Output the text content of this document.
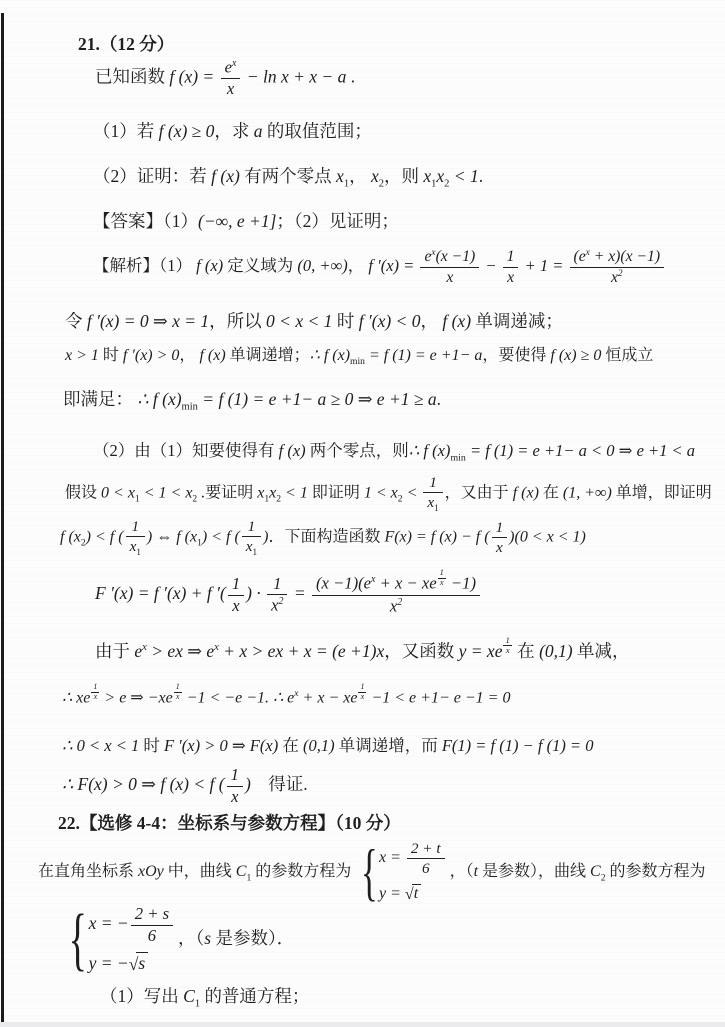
21.（12 分）
已知函数 f $(x) = \frac{e^x}{x} - \ln x + x - a$ .
（1）若 f (x) ≥ 0，求 a 的取值范围；
（2）证明：若 f (x) 有两个零点 $x_1$， $x_2$，则 $x_1x_2 < 1$.
【答案】（1）(−∞, e +1]；（2）见证明；
【解析】（1） f (x) 定义域为 (0, +∞)， f $'(x) = \frac{e^x(x -1)}{x} - \frac{1}{x} + 1 = \frac{(e^x + x)(x -1)}{x^2}$
令 f ′(x) = 0 ⇒ x = 1，所以 0 < x < 1 时 f ′(x) < 0， f (x) 单调递减；
x > 1 时 f ′(x) > 0， f (x) 单调递增；∴ f $(x)_{min} = f$ (1) = e +1− a，要使得 f (x) ≥ 0 恒成立
即满足： ∴ f $(x)_{min} = f$ (1) = e +1− a ≥ 0 ⇒ e +1 ≥ a.
（2）由（1）知要使得有 f (x) 两个零点，则∴ f $(x)_{min} = f$ (1) = e +1− a < 0 ⇒ e +1 < a
假设 $0 < x_1 < 1 < x_2$ .要证明 $x_1x_2 < 1$ 即证明 $1 < x_2 < \frac{1}{x_1}$ ，又由于 f (x) 在 (1, +∞) 单增，即证明
f $(x_2) < f$ ( $\frac{1}{x_1}$ ) ⇔ f $(x_1) < f$ ( $\frac{1}{x_1}$ )．下面构造函数 F(x) = f (x) − f ( $\frac{1}{x} )(0 < x < 1)$
F ′(x) = f ′(x) + f ′( $\frac{1}{x}$ ) · $\frac{1}{x^2} = \frac{(x -1)(e^x + x - xe \frac{1}{x} -1)}{x^2}$
由于 $e^x$ > ex ⇒ $e^x + x$ > ex + x = (e +1)x，又函数 y = xe $\frac{1}{x}$ 在 (0,1) 单减，
∴ xe $\frac{1}{x} > e$ ⇒ $-xe \frac{1}{x} -1 < -e -1$. ∴ $e^x + x$ − xe $\frac{1}{x} -1 < e +1- e -1 = 0$
∴ 0 < x < 1 时 F ′(x) > 0 ⇒ F(x) 在 (0,1) 单调递增，而 F(1) = f (1) − f (1) = 0
∴ F(x) > 0 ⇒ f (x) < f ( $\frac{1}{x}$ )　得证.
22.【选修 4-4：坐标系与参数方程】（10 分）
在直角坐标系 xOy 中，曲线 $C_1$ 的参数方程为 { $x = \frac{2 + t}{6}$
y = √t
，（t 是参数），曲线 $C_2$ 的参数方程为
{ x = − $\frac{2 + s}{6}$
y = −√s
，（s 是参数）．
（1）写出 $C_1$ 的普通方程；
